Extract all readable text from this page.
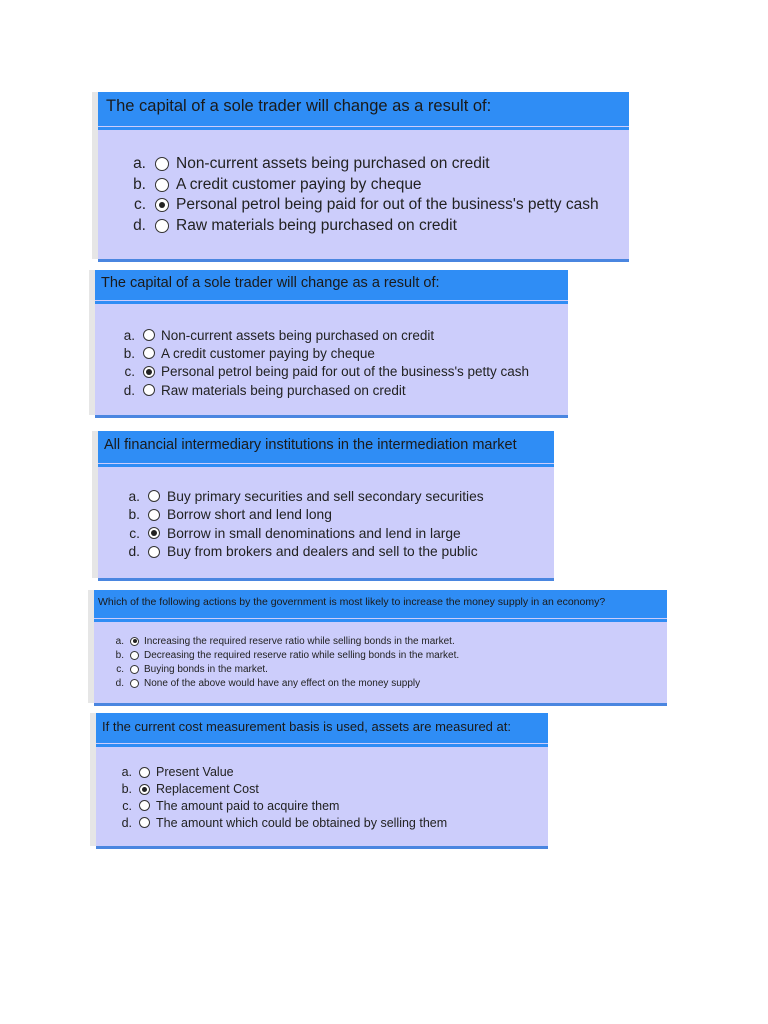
The capital of a sole trader will change as a result of:
a. Non-current assets being purchased on credit
b. A credit customer paying by cheque
c. Personal petrol being paid for out of the business's petty cash
d. Raw materials being purchased on credit
The capital of a sole trader will change as a result of:
a. Non-current assets being purchased on credit
b. A credit customer paying by cheque
c. Personal petrol being paid for out of the business's petty cash
d. Raw materials being purchased on credit
All financial intermediary institutions in the intermediation market
a. Buy primary securities and sell secondary securities
b. Borrow short and lend long
c. Borrow in small denominations and lend in large
d. Buy from brokers and dealers and sell to the public
Which of the following actions by the government is most likely to increase the money supply in an economy?
a. Increasing the required reserve ratio while selling bonds in the market.
b. Decreasing the required reserve ratio while selling bonds in the market.
c. Buying bonds in the market.
d. None of the above would have any effect on the money supply
If the current cost measurement basis is used, assets are measured at:
a. Present Value
b. Replacement Cost
c. The amount paid to acquire them
d. The amount which could be obtained by selling them
